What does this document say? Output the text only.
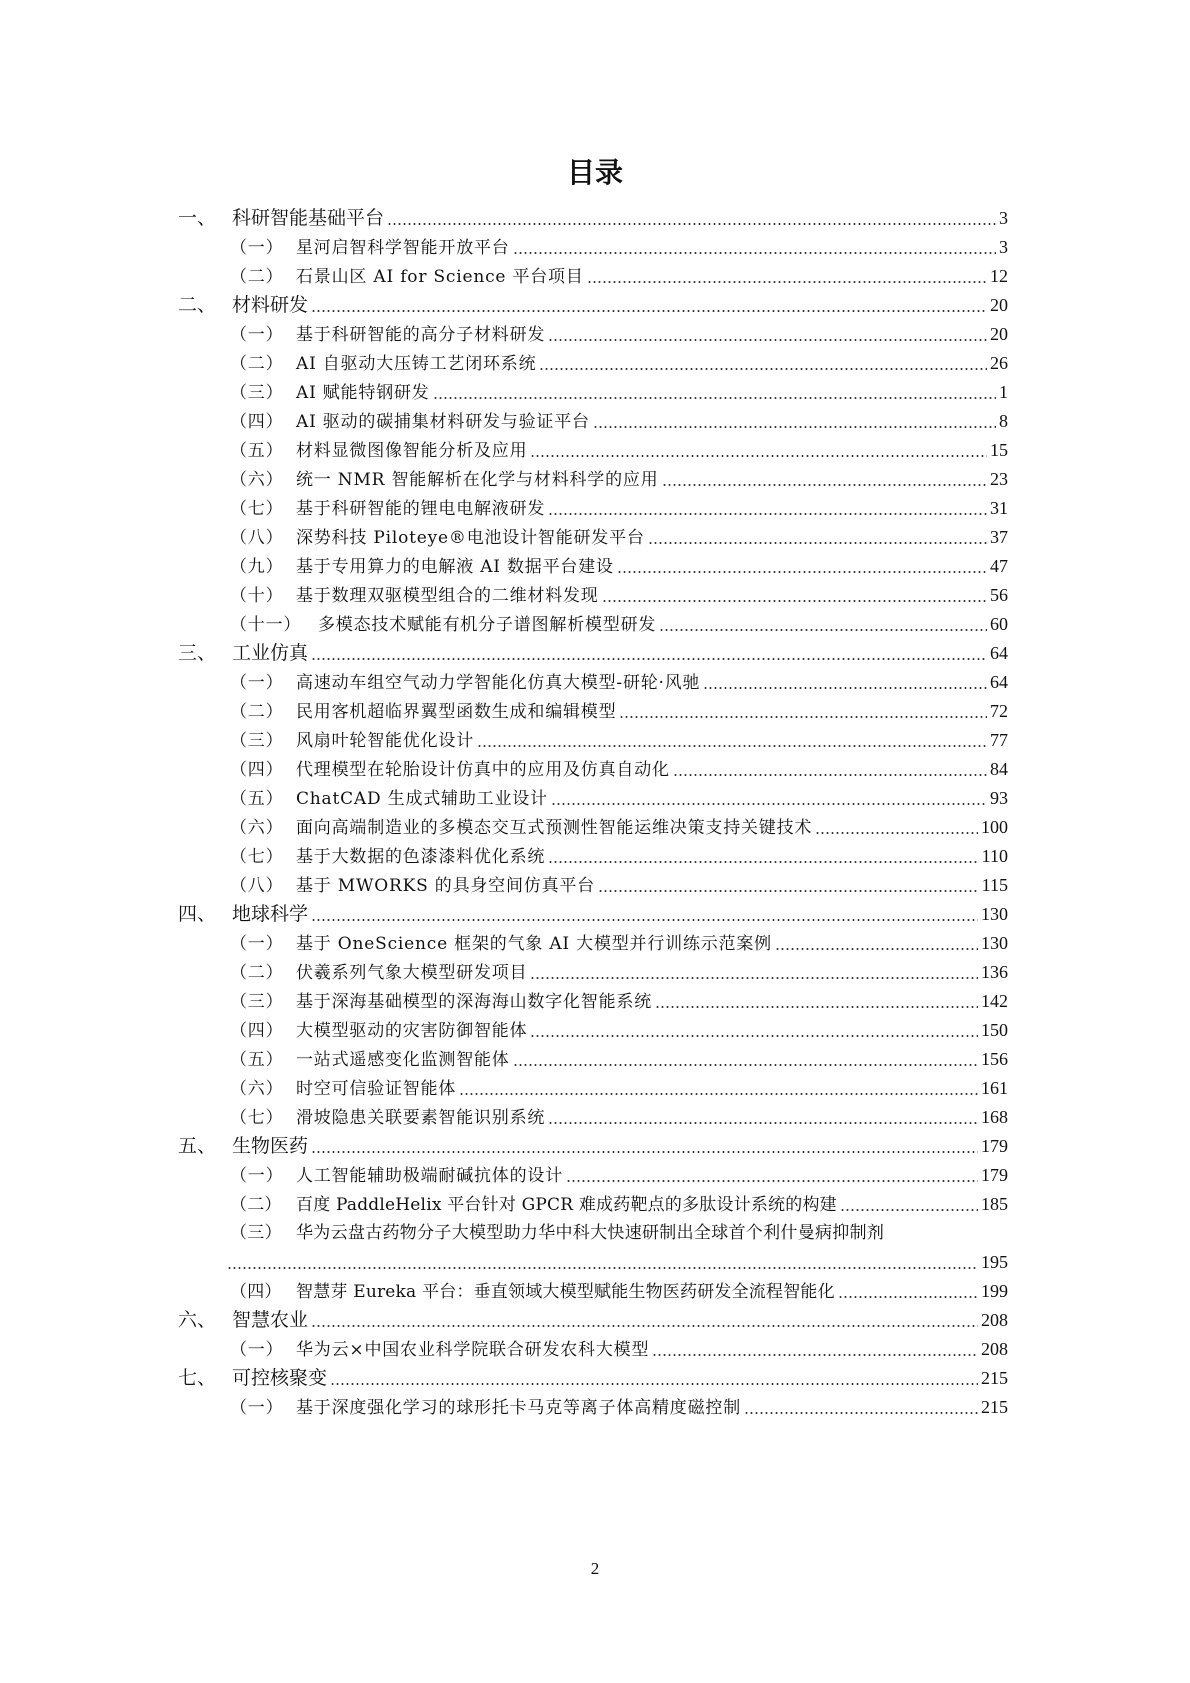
目录
一、 科研智能基础平台	3
（一） 星河启智科学智能开放平台	3
（二） 石景山区 AI for Science 平台项目	12
二、 材料研发	20
（一） 基于科研智能的高分子材料研发	20
（二） AI 自驱动大压铸工艺闭环系统	26
（三） AI 赋能特钢研发	1
（四） AI 驱动的碳捕集材料研发与验证平台	8
（五） 材料显微图像智能分析及应用	15
（六） 统一 NMR 智能解析在化学与材料科学的应用	23
（七） 基于科研智能的锂电电解液研发	31
（八） 深势科技 Piloteye®电池设计智能研发平台	37
（九） 基于专用算力的电解液 AI 数据平台建设	47
（十） 基于数理双驱模型组合的二维材料发现	56
（十一） 多模态技术赋能有机分子谱图解析模型研发	60
三、 工业仿真	64
（一） 高速动车组空气动力学智能化仿真大模型-研轮·风驰	64
（二） 民用客机超临界翼型函数生成和编辑模型	72
（三） 风扇叶轮智能优化设计	77
（四） 代理模型在轮胎设计仿真中的应用及仿真自动化	84
（五） ChatCAD 生成式辅助工业设计	93
（六） 面向高端制造业的多模态交互式预测性智能运维决策支持关键技术	100
（七） 基于大数据的色漆漆料优化系统	110
（八） 基于 MWORKS 的具身空间仿真平台	115
四、 地球科学	130
（一） 基于 OneScience 框架的气象 AI 大模型并行训练示范案例	130
（二） 伏羲系列气象大模型研发项目	136
（三） 基于深海基础模型的深海海山数字化智能系统	142
（四） 大模型驱动的灾害防御智能体	150
（五） 一站式遥感变化监测智能体	156
（六） 时空可信验证智能体	161
（七） 滑坡隐患关联要素智能识别系统	168
五、 生物医药	179
（一） 人工智能辅助极端耐碱抗体的设计	179
（二） 百度 PaddleHelix 平台针对 GPCR 难成药靶点的多肽设计系统的构建	185
（三） 华为云盘古药物分子大模型助力华中科大快速研制出全球首个利什曼病抑制剂
195
（四） 智慧芽 Eureka 平台：垂直领域大模型赋能生物医药研发全流程智能化	199
六、 智慧农业	208
（一） 华为云×中国农业科学院联合研发农科大模型	208
七、 可控核聚变	215
（一） 基于深度强化学习的球形托卡马克等离子体高精度磁控制	215
2
